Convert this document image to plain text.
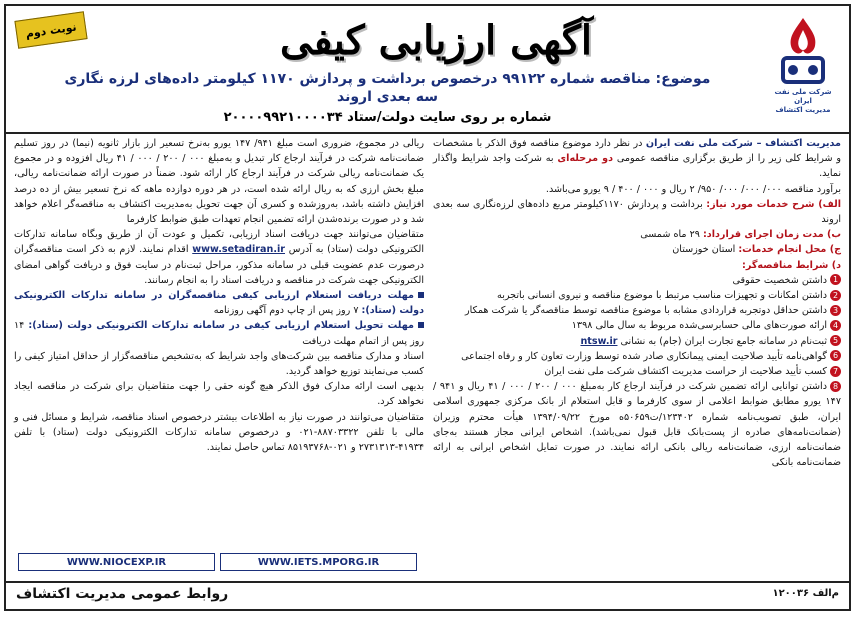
شرکت ملی نفت ایران
مدیریت اکتشاف
آگهی ارزیابی کیفی
نوبت دوم
موضوع: مناقصه شماره ۹۹۱۲۲ درخصوص برداشت و پردازش ۱۱۷۰ کیلومتر داده‌های لرزه نگاری
سه بعدی اروند
شماره بر روی سایت دولت/ستاد ۲۰۰۰۰۹۹۲۱۰۰۰۰۳۴

مدیریت اکتشاف – شرکت ملی نفت ایران در نظر دارد موضوع مناقصه فوق الذکر با مشخصات و شرایط کلی زیر را از طریق برگزاری مناقصه عمومی دو مرحله‌ای به شرکت واجد شرایط واگذار نماید.

برآورد مناقصه ۰۰۰/ ۰۰۰/ ۰۰۰/ ۹۵۰/ ۲ ریال و ۰۰۰ / ۴۰۰ / ۹ یورو می‌باشد.

الف) شرح خدمات مورد نیاز: برداشت و پردازش ۱۱۷۰کیلومتر مربع داده‌های لرزه‌نگاری سه بعدی اروند

ب) مدت زمان اجرای قرارداد: ۲۹ ماه شمسی

ج) محل انجام خدمات: استان خوزستان

د) شرایط مناقصه‌گر:

1داشتن شخصیت حقوقی

2داشتن امکانات و تجهیزات مناسب مرتبط با موضوع مناقصه و نیروی انسانی باتجربه

3داشتن حداقل دوتجربه قراردادی مشابه با موضوع مناقصه توسط مناقصه‌گر یا شرکت همکار

4ارائه صورت‌های مالی حسابرسی‌شده مربوط به سال مالی ۱۳۹۸

5ثبت‌نام در سامانه جامع تجارت ایران (جام) به نشانی ntsw.ir

6گواهی‌نامه تأیید صلاحیت ایمنی پیمانکاری صادر شده توسط وزارت تعاون کار و رفاه اجتماعی

7کسب تأیید صلاحیت از حراست مدیریت اکتشاف شرکت ملی نفت ایران

8داشتن توانایی ارائه تضمین شرکت در فرآیند ارجاع کار به‌مبلغ ۰۰۰ / ۲۰۰ / ۰۰۰ / ۴۱ ریال و ۹۴۱ / ۱۴۷ یورو مطابق ضوابط اعلامی از سوی کارفرما و قابل استعلام از بانک مرکزی جمهوری اسلامی ایران، طبق تصویب‌نامه شماره ۱۲۳۴۰۲/ت۵۰۶۵۹ه مورخ ۱۳۹۴/۰۹/۲۲ هیأت محترم وزیران (ضمانت‌نامه‌های صادره از پست‌بانک قابل قبول نمی‌باشد). اشخاص ایرانی مجاز هستند به‌جای ضمانت‌نامه ارزی، ضمانت‌نامه ریالی بانکی ارائه نمایند. در صورت تمایل اشخاص ایرانی به ارائه ضمانت‌نامه بانکی

ریالی در مجموع، ضروری است مبلغ ۹۴۱/ ۱۴۷ یورو به‌نرخ تسعیر ارز بازار ثانویه (نیما) در روز تسلیم ضمانت‌نامه شرکت در فرآیند ارجاع کار تبدیل و به‌مبلغ ۰۰۰ / ۲۰۰ / ۰۰۰ / ۴۱ ریال افزوده و در مجموع یک ضمانت‌نامه ریالی شرکت در فرآیند ارجاع کار ارائه شود. ضمناً در صورت ارائه ضمانت‌نامه ریالی، مبلغ بخش ارزی که به ریال ارائه شده است، در هر دوره دوازده ماهه که نرخ تسعیر بیش از ده درصد افزایش داشته باشد، به‌روزشده و کسری آن جهت تحویل به‌مدیریت اکتشاف به مناقصه‌گر اعلام خواهد شد و در صورت برنده‌شدن ارائه تضمین انجام تعهدات طبق ضوابط کارفرما

متقاضیان می‌توانند جهت دریافت اسناد ارزیابی، تکمیل و عودت آن از طریق وبگاه سامانه تدارکات الکترونیکی دولت (ستاد) به آدرس www.setadiran.ir اقدام نمایند. لازم به ذکر است مناقصه‌گران درصورت عدم عضویت قبلی در سامانه مذکور، مراحل ثبت‌نام در سایت فوق و دریافت گواهی امضای الکترونیکی جهت شرکت در مناقصه و دریافت اسناد را به انجام رسانند.

مهلت دریافت استعلام ارزیابی کیفی مناقصه‌گران در سامانه تدارکات الکترونیکی دولت (ستاد): ۷ روز پس از چاپ دوم آگهی روزنامه

مهلت تحویل استعلام ارزیابی کیفی در سامانه تدارکات الکترونیکی دولت (ستاد): ۱۴ روز پس از اتمام مهلت دریافت

اسناد و مدارک مناقصه بین شرکت‌های واجد شرایط که به‌تشخیص مناقصه‌گزار از حداقل امتیاز کیفی را کسب می‌نمایند توزیع خواهد گردید.

بدیهی است ارائه مدارک فوق الذکر هیچ گونه حقی را جهت متقاضیان برای شرکت در مناقصه ایجاد نخواهد کرد.

متقاضیان می‌توانند در صورت نیاز به اطلاعات بیشتر درخصوص اسناد مناقصه، شرایط و مسائل فنی و مالی با تلفن ۸۸۷۰۳۳۲۲-۰۲۱ و درخصوص سامانه تدارکات الکترونیکی دولت (ستاد) با تلفن ۴۱۹۳۴-۲۷۳۱۳۱۳ و ۰۲۱-۸۵۱۹۳۷۶۸ تماس حاصل نمایند.

WWW.IETS.MPORG.IR
WWW.NIOCEXP.IR
روابط عمومی مدیریت اکتشاف	م‌الف ۱۲۰۰۳۶
